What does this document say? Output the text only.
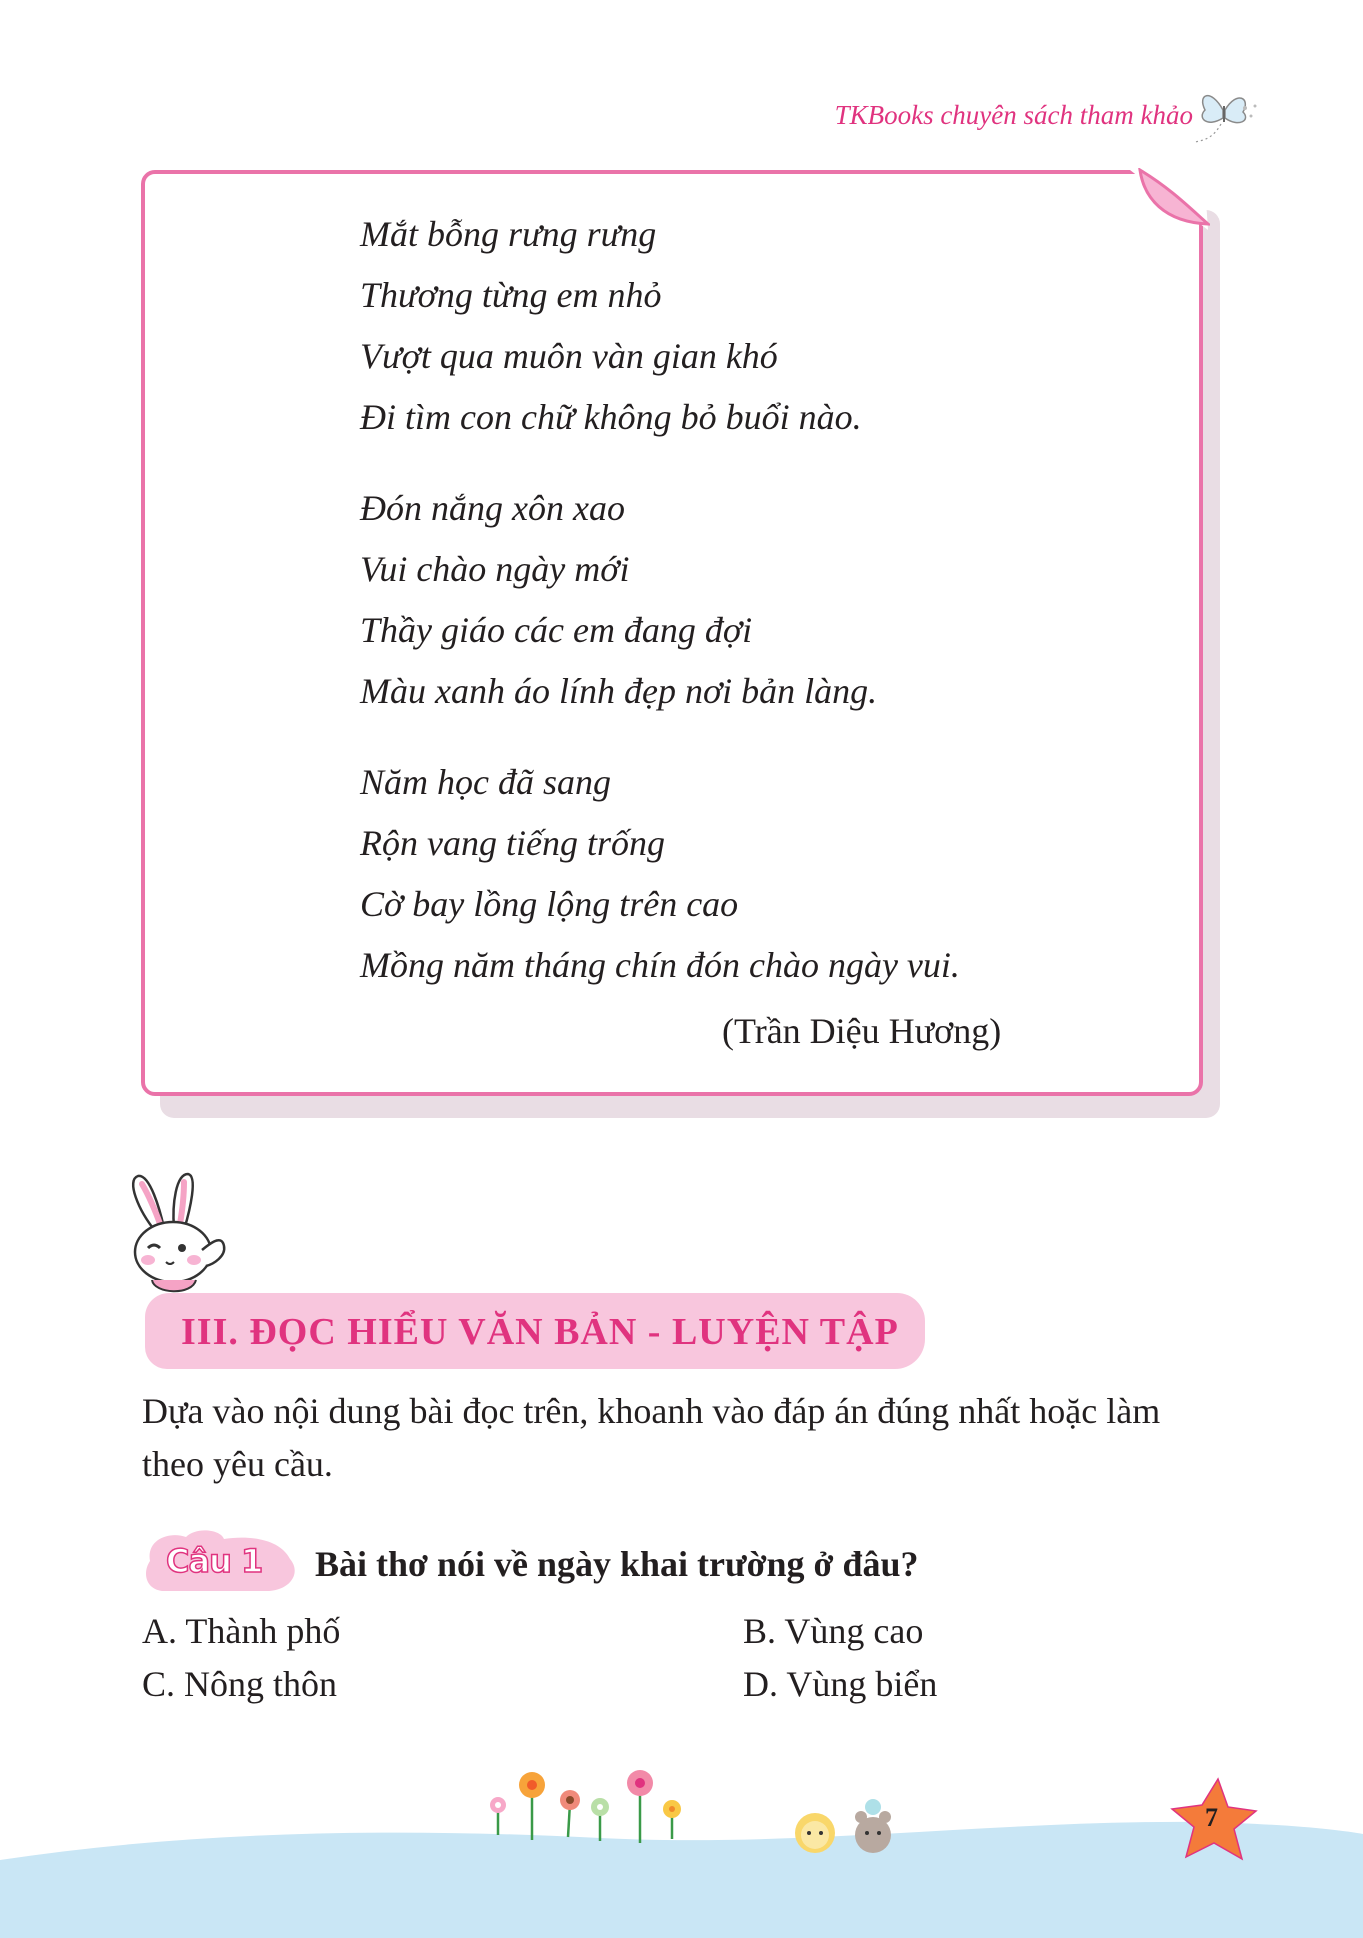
TKBooks chuyên sách tham khảo
Mắt bỗng rưng rưng
Thương từng em nhỏ
Vượt qua muôn vàn gian khó
Đi tìm con chữ không bỏ buổi nào.
Đón nắng xôn xao
Vui chào ngày mới
Thầy giáo các em đang đợi
Màu xanh áo lính đẹp nơi bản làng.
Năm học đã sang
Rộn vang tiếng trống
Cờ bay lồng lộng trên cao
Mồng năm tháng chín đón chào ngày vui.
(Trần Diệu Hương)
III. ĐỌC HIỂU VĂN BẢN - LUYỆN TẬP
Dựa vào nội dung bài đọc trên, khoanh vào đáp án đúng nhất hoặc làm theo yêu cầu.
Câu 1 Bài thơ nói về ngày khai trường ở đâu?
A. Thành phố	B. Vùng cao
C. Nông thôn	D. Vùng biển
7
